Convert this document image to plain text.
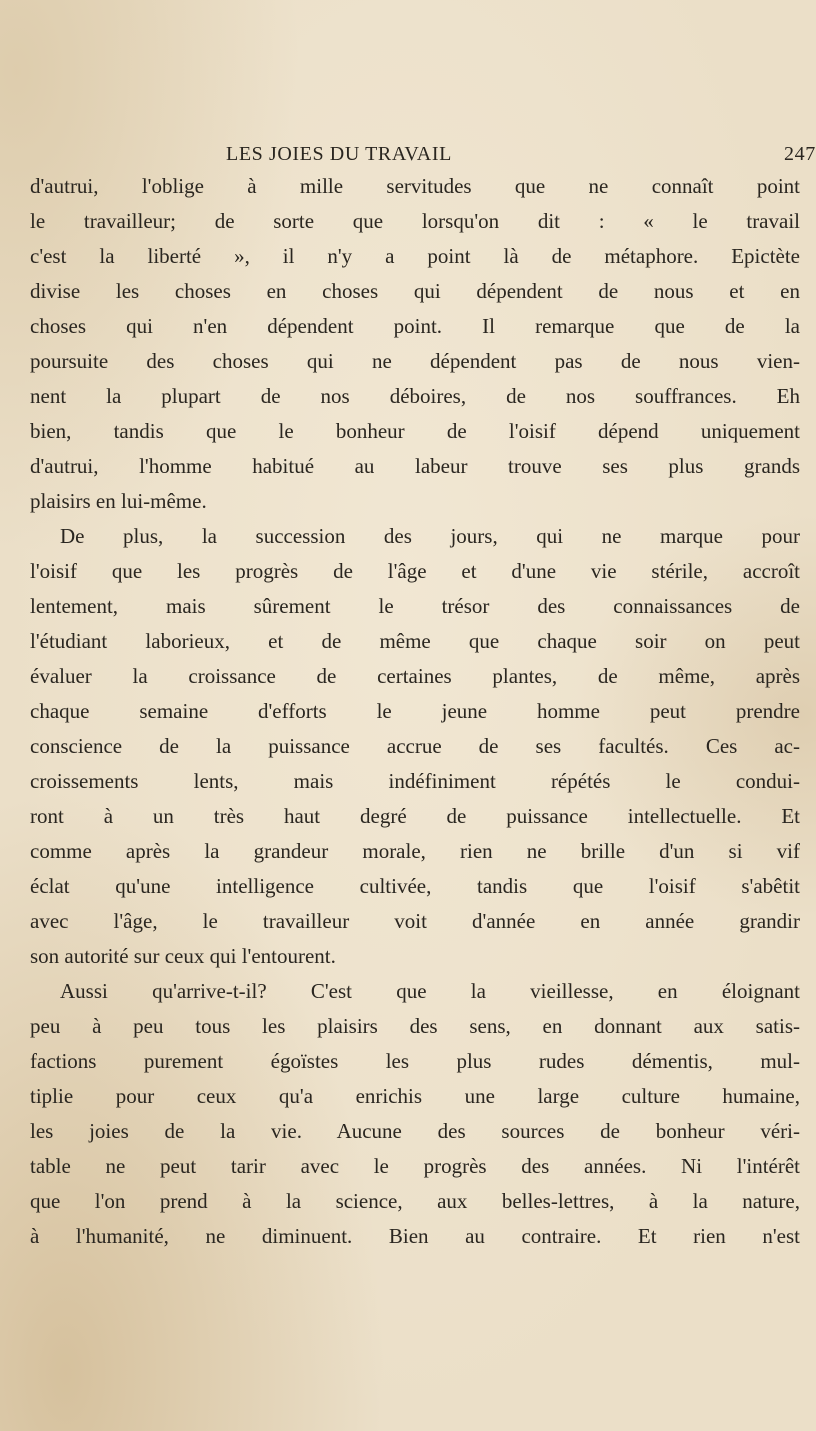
LES JOIES DU TRAVAIL	247
d'autrui, l'oblige à mille servitudes que ne connaît point
le travailleur; de sorte que lorsqu'on dit : « le travail
c'est la liberté », il n'y a point là de métaphore. Epictète
divise les choses en choses qui dépendent de nous et en
choses qui n'en dépendent point. Il remarque que de la
poursuite des choses qui ne dépendent pas de nous vien-
nent la plupart de nos déboires, de nos souffrances. Eh
bien, tandis que le bonheur de l'oisif dépend uniquement
d'autrui, l'homme habitué au labeur trouve ses plus grands
plaisirs en lui-même.
De plus, la succession des jours, qui ne marque pour
l'oisif que les progrès de l'âge et d'une vie stérile, accroît
lentement, mais sûrement le trésor des connaissances de
l'étudiant laborieux, et de même que chaque soir on peut
évaluer la croissance de certaines plantes, de même, après
chaque semaine d'efforts le jeune homme peut prendre
conscience de la puissance accrue de ses facultés. Ces ac-
croissements lents, mais indéfiniment répétés le condui-
ront à un très haut degré de puissance intellectuelle. Et
comme après la grandeur morale, rien ne brille d'un si vif
éclat qu'une intelligence cultivée, tandis que l'oisif s'abêtit
avec l'âge, le travailleur voit d'année en année grandir
son autorité sur ceux qui l'entourent.
Aussi qu'arrive-t-il? C'est que la vieillesse, en éloignant
peu à peu tous les plaisirs des sens, en donnant aux satis-
factions purement égoïstes les plus rudes démentis, mul-
tiplie pour ceux qu'a enrichis une large culture humaine,
les joies de la vie. Aucune des sources de bonheur véri-
table ne peut tarir avec le progrès des années. Ni l'intérêt
que l'on prend à la science, aux belles-lettres, à la nature,
à l'humanité, ne diminuent. Bien au contraire. Et rien n'est
